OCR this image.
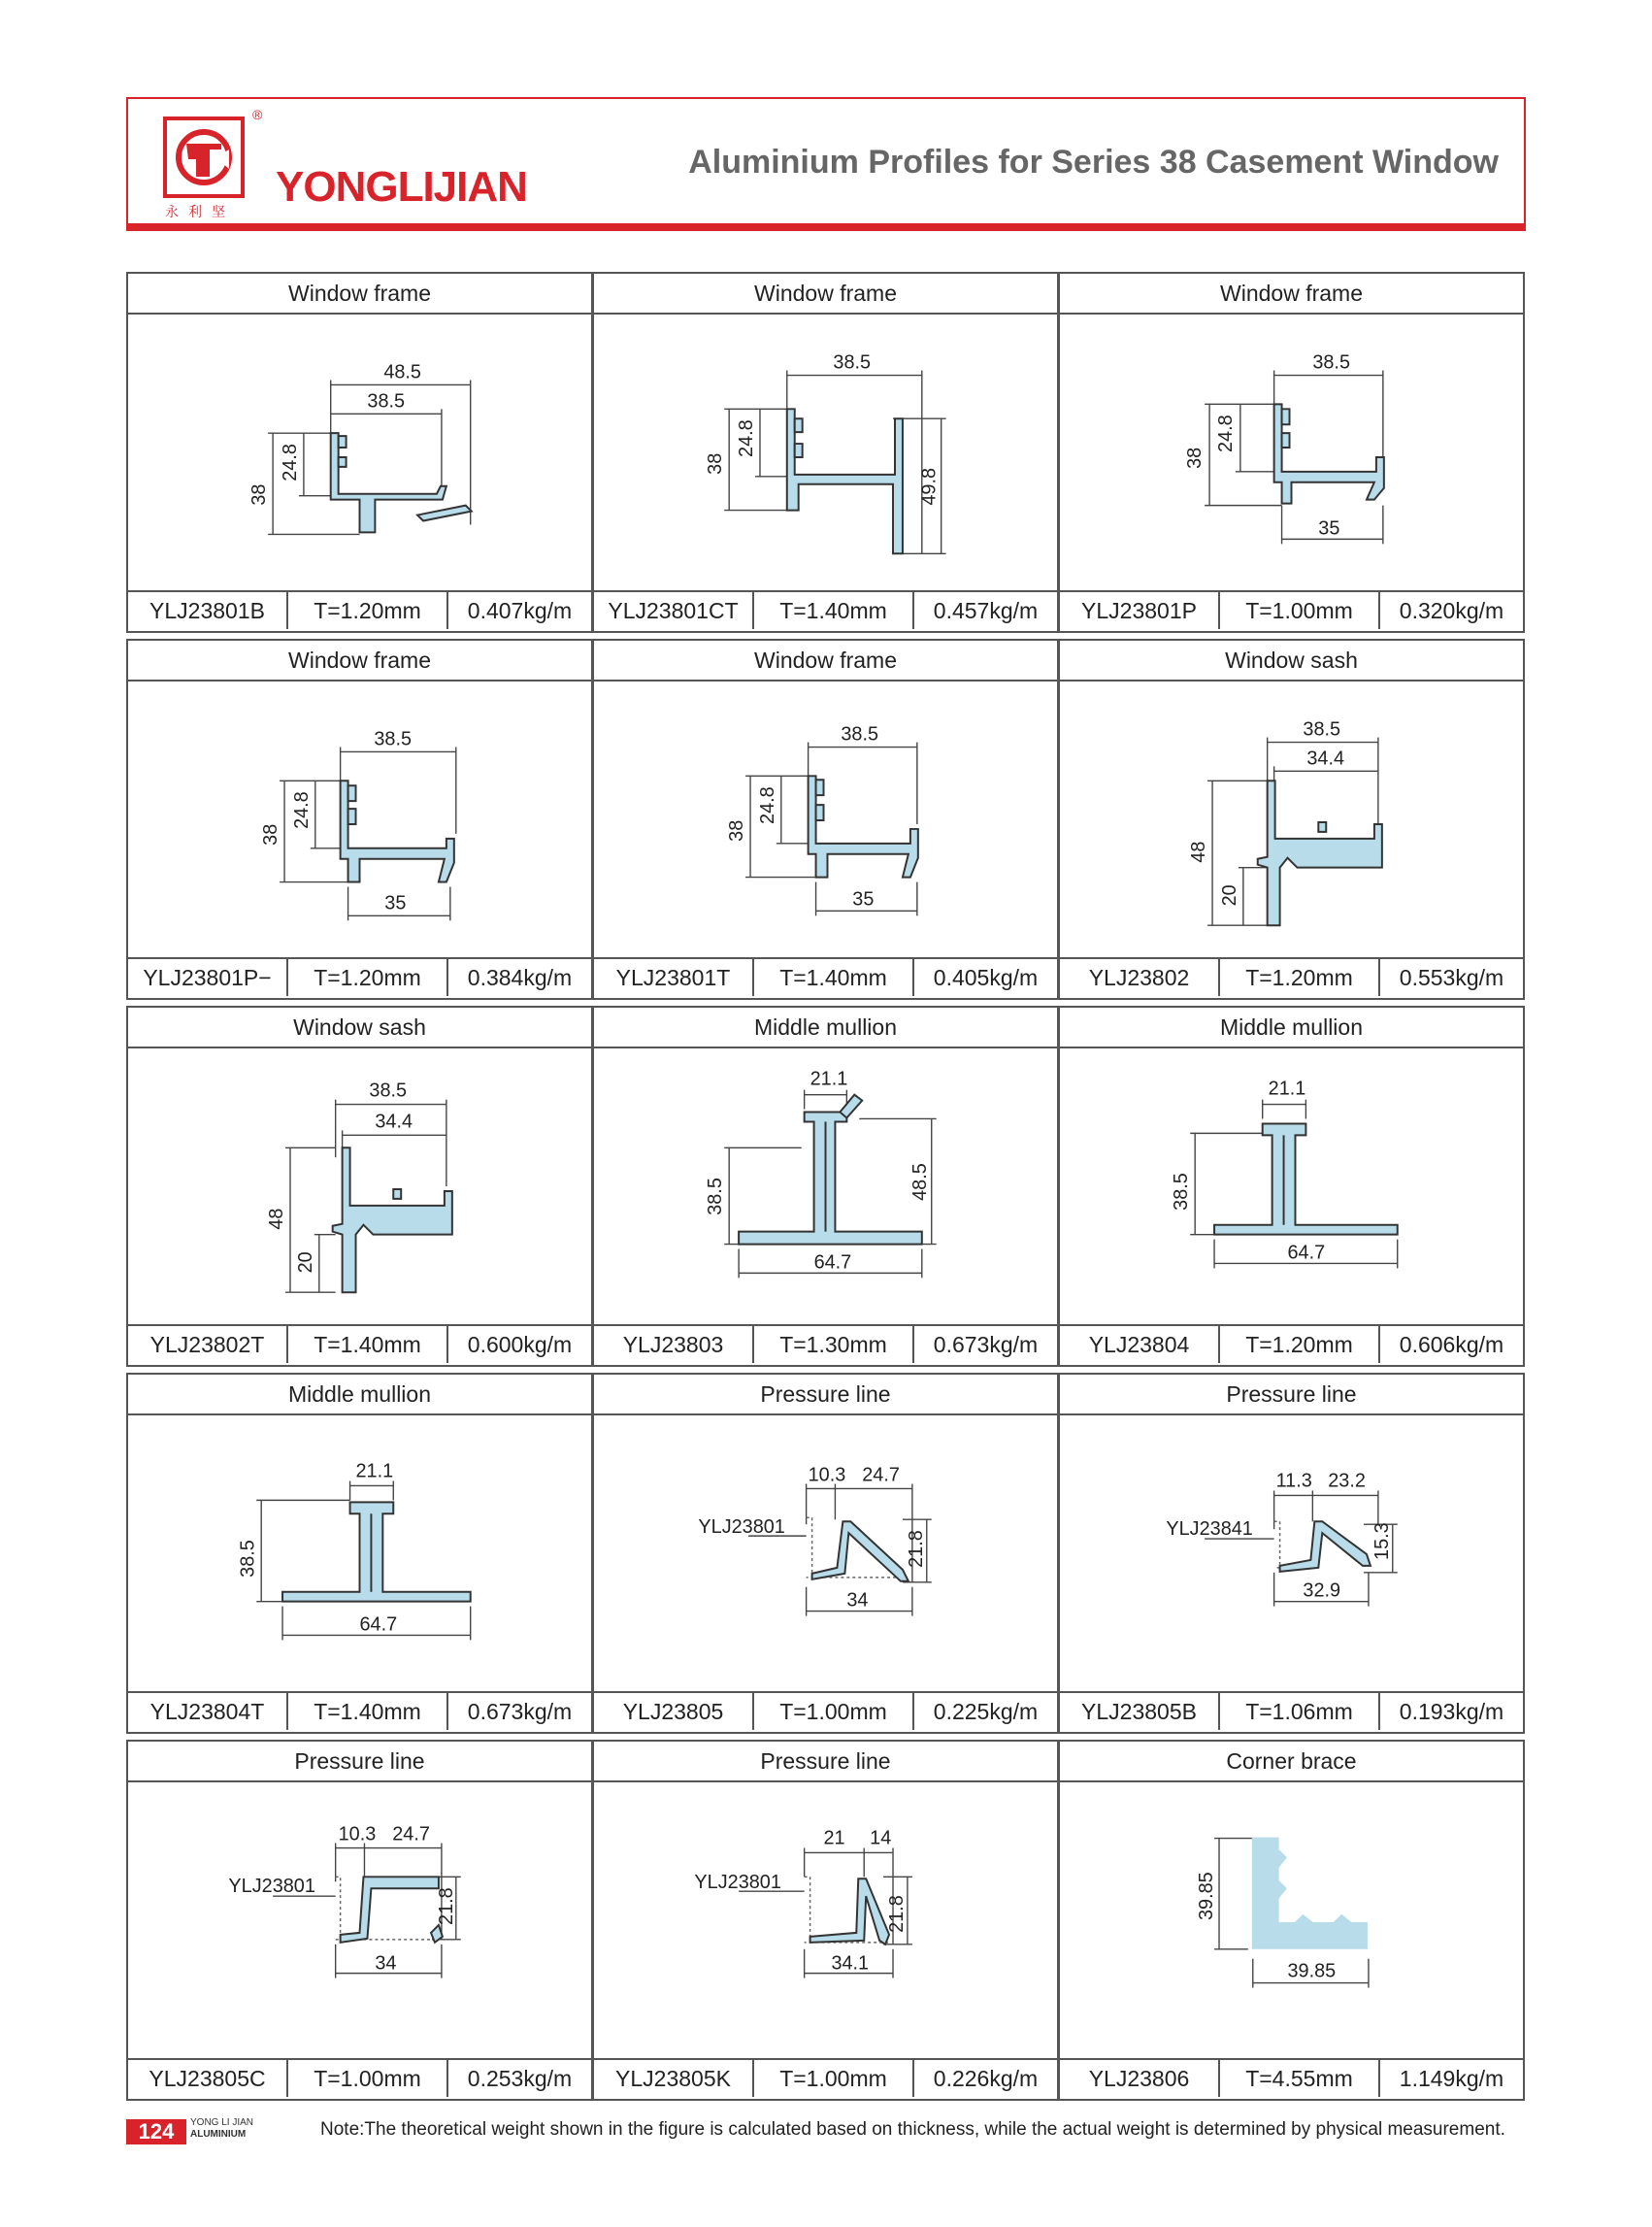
®
永利坚
YONGLIJIAN
Aluminium Profiles for Series 38 Casement Window
Window frame
48.5
38.5
38
24.8
YLJ23801B	T=1.20mm	0.407kg/m
Window frame
38.5
38
24.8
49.8
YLJ23801CT	T=1.40mm	0.457kg/m
Window frame
38.5
38
24.8
35
YLJ23801P	T=1.00mm	0.320kg/m
Window frame
38.5
38
24.8
35
YLJ23801P−	T=1.20mm	0.384kg/m
Window frame
38.5
38
24.8
35
YLJ23801T	T=1.40mm	0.405kg/m
Window sash
38.5
34.4
48
20
YLJ23802	T=1.20mm	0.553kg/m
Window sash
38.5
34.4
48
20
YLJ23802T	T=1.40mm	0.600kg/m
Middle mullion
21.1
38.5	48.5
64.7
YLJ23803	T=1.30mm	0.673kg/m
Middle mullion
21.1
38.5
64.7
YLJ23804	T=1.20mm	0.606kg/m
Middle mullion
21.1
38.5
64.7
YLJ23804T	T=1.40mm	0.673kg/m
Pressure line
10.3 24.7
21.8
34
YLJ23801
YLJ23805	T=1.00mm	0.225kg/m
Pressure line
11.3 23.2
15.3
32.9
YLJ23841
YLJ23805B	T=1.06mm	0.193kg/m
Pressure line
10.3 24.7
21.8
34
YLJ23801
YLJ23805C	T=1.00mm	0.253kg/m
Pressure line
21 14
21.8
34.1
YLJ23801
YLJ23805K	T=1.00mm	0.226kg/m
Corner brace
39.85
39.85
YLJ23806	T=4.55mm	1.149kg/m
124	YONG LI JIAN
ALUMINIUM	Note:The theoretical weight shown in the figure is calculated based on thickness, while the actual weight is determined by physical measurement.
